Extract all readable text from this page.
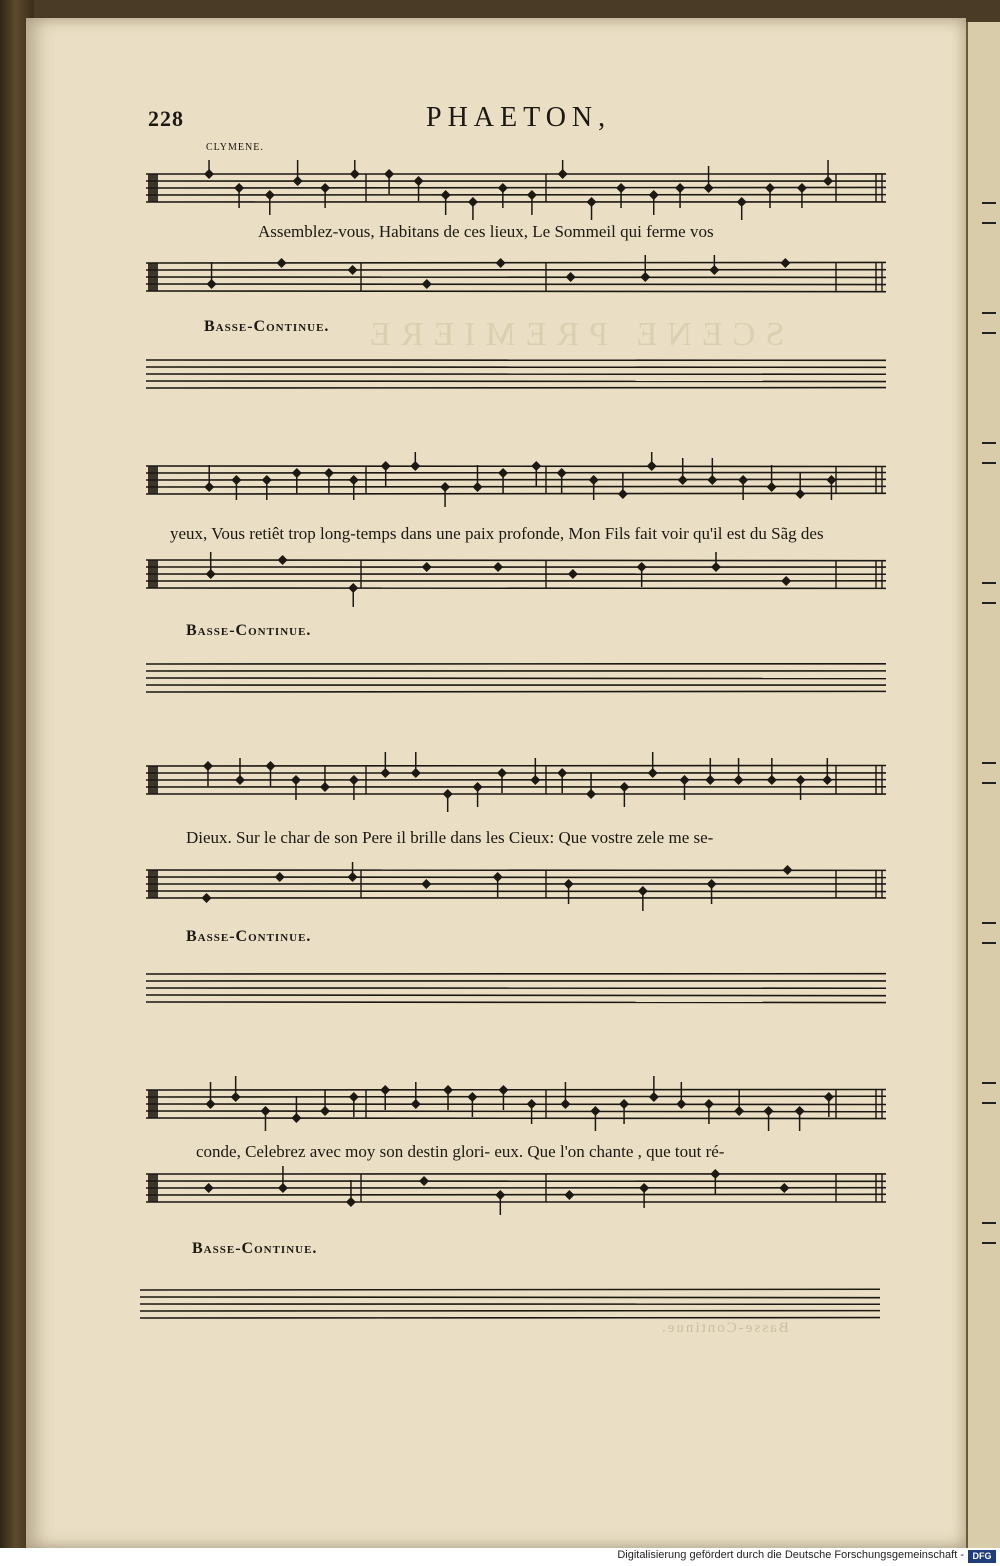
SCENE PREMIERE
228	PHAETON,
CLYMENE.
Assemblez-vous, Habitans de ces lieux, Le Sommeil qui ferme vos
Basse-Continue.
yeux, Vous retiêt trop long-temps dans une paix profonde, Mon Fils fait voir qu'il est du Sãg des
Basse-Continue.
Dieux. Sur le char de son Pere il brille dans les Cieux: Que vostre zele me se-
Basse-Continue.
conde, Celebrez avec moy son destin glori- eux. Que l'on chante , que tout ré-
Basse-Continue.
Basse-Continue.
Digitalisierung gefördert durch die Deutsche Forschungsgemeinschaft - DFG
